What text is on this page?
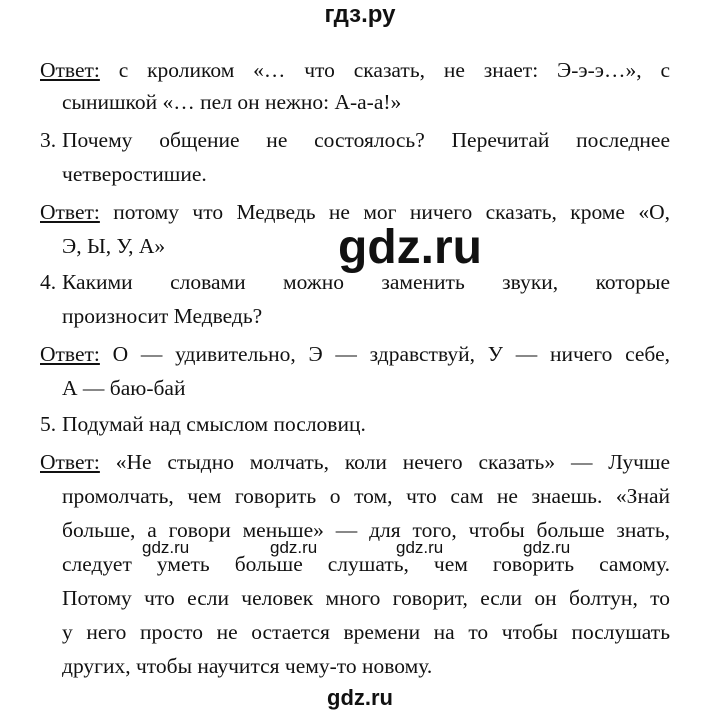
гдз.ру
Ответ: с кроликом «… что сказать, не знает: Э-э-э…», с
сынишкой «… пел он нежно: А-а-а!»
3. Почему общение не состоялось? Перечитай последнее
четверостишие.
Ответ: потому что Медведь не мог ничего сказать, кроме «О,
Э, Ы, У, А»
4. Какими словами можно заменить звуки, которые
произносит Медведь?
Ответ: О — удивительно, Э — здравствуй, У — ничего себе,
А — баю-бай
5. Подумай над смыслом пословиц.
Ответ: «Не стыдно молчать, коли нечего сказать» — Лучше
промолчать, чем говорить о том, что сам не знаешь. «Знай
больше, а говори меньше» — для того, чтобы больше знать,
следует уметь больше слушать, чем говорить самому.
Потому что если человек много говорит, если он болтун, то
у него просто не остается времени на то чтобы послушать
других, чтобы научится чему-то новому.
gdz.ru
gdz.ru	gdz.ru	gdz.ru	gdz.ru
gdz.ru
